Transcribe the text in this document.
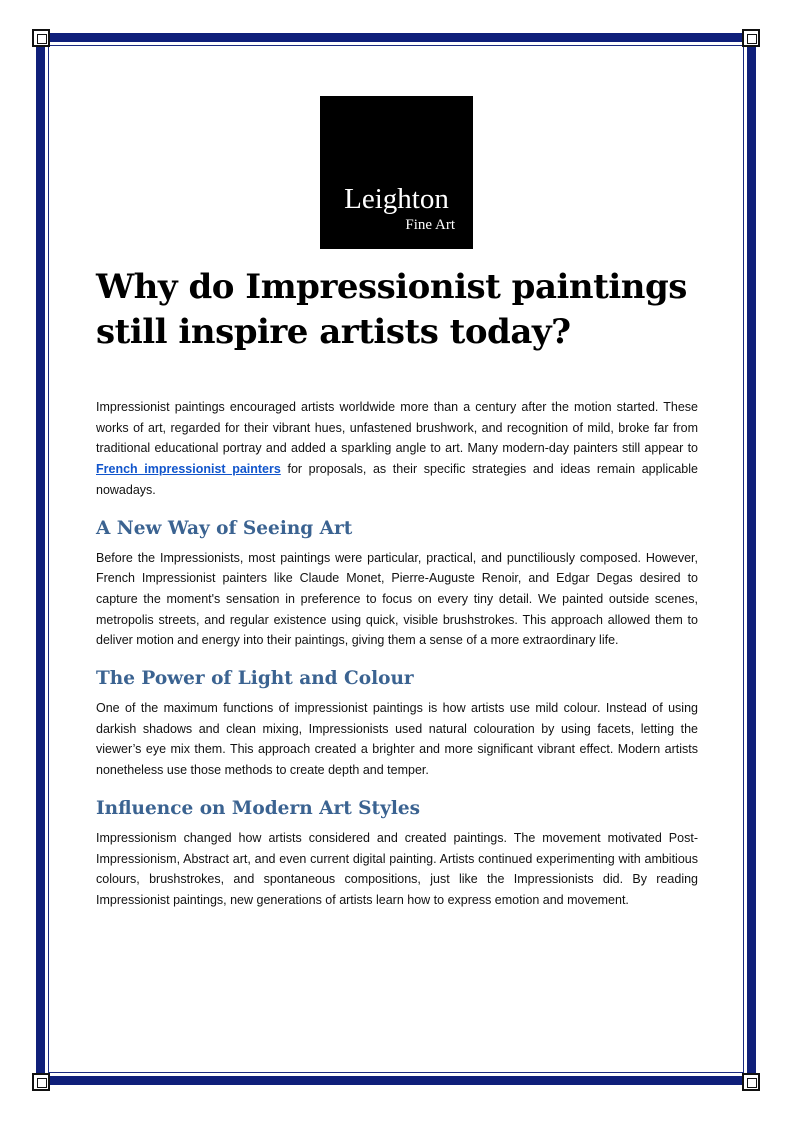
Leighton
Fine Art
Why do Impressionist paintings still inspire artists today?

Impressionist paintings encouraged artists worldwide more than a century after the motion started. These works of art, regarded for their vibrant hues, unfastened brushwork, and recognition of mild, broke far from traditional educational portray and added a sparkling angle to art. Many modern-day painters still appear to French impressionist painters for proposals, as their specific strategies and ideas remain applicable nowadays.

A New Way of Seeing Art

Before the Impressionists, most paintings were particular, practical, and punctiliously composed. However, French Impressionist painters like Claude Monet, Pierre-Auguste Renoir, and Edgar Degas desired to capture the moment's sensation in preference to focus on every tiny detail. We painted outside scenes, metropolis streets, and regular existence using quick, visible brushstrokes. This approach allowed them to deliver motion and energy into their paintings, giving them a sense of a more extraordinary life.

The Power of Light and Colour

One of the maximum functions of impressionist paintings is how artists use mild colour. Instead of using darkish shadows and clean mixing, Impressionists used natural colouration by using facets, letting the viewer’s eye mix them. This approach created a brighter and more significant vibrant effect. Modern artists nonetheless use those methods to create depth and temper.

Influence on Modern Art Styles

Impressionism changed how artists considered and created paintings. The movement motivated Post-Impressionism, Abstract art, and even current digital painting. Artists continued experimenting with ambitious colours, brushstrokes, and spontaneous compositions, just like the Impressionists did. By reading Impressionist paintings, new generations of artists learn how to express emotion and movement.
